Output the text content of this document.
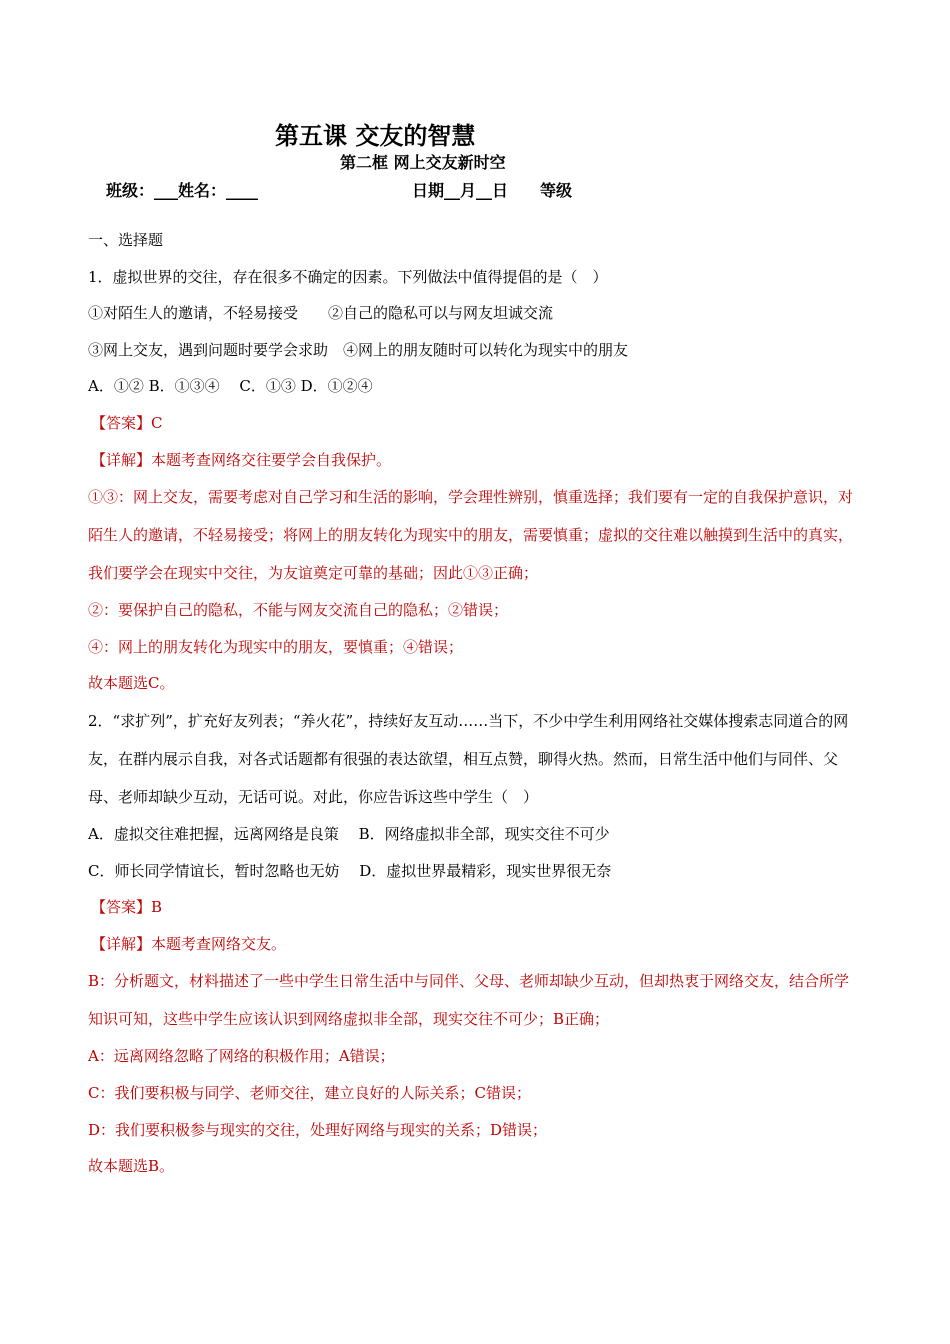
第五课 交友的智慧
第二框 网上交友新时空
班级：___姓名：____	日期__月__日 等级
一、选择题
1．虚拟世界的交往，存在很多不确定的因素。下列做法中值得提倡的是（　）
①对陌生人的邀请，不轻易接受　　②自己的隐私可以与网友坦诚交流
③网上交友，遇到问题时要学会求助　④网上的朋友随时可以转化为现实中的朋友
A．①② B．①③④　 C．①③ D．①②④
【答案】C
【详解】本题考查网络交往要学会自我保护。
①③：网上交友，需要考虑对自己学习和生活的影响，学会理性辨别，慎重选择；我们要有一定的自我保护意识，对陌生人的邀请，不轻易接受；将网上的朋友转化为现实中的朋友，需要慎重；虚拟的交往难以触摸到生活中的真实，我们要学会在现实中交往，为友谊奠定可靠的基础；因此①③正确；
②：要保护自己的隐私，不能与网友交流自己的隐私；②错误；
④：网上的朋友转化为现实中的朋友，要慎重；④错误；
故本题选C。
2．“求扩列”，扩充好友列表；“养火花”，持续好友互动……当下，不少中学生利用网络社交媒体搜索志同道合的网友，在群内展示自我，对各式话题都有很强的表达欲望，相互点赞，聊得火热。然而，日常生活中他们与同伴、父母、老师却缺少互动，无话可说。对此，你应告诉这些中学生（　）
A．虚拟交往难把握，远离网络是良策　 B．网络虚拟非全部，现实交往不可少
C．师长同学情谊长，暂时忽略也无妨　 D．虚拟世界最精彩，现实世界很无奈
【答案】B
【详解】本题考查网络交友。
B：分析题文，材料描述了一些中学生日常生活中与同伴、父母、老师却缺少互动，但却热衷于网络交友，结合所学知识可知，这些中学生应该认识到网络虚拟非全部，现实交往不可少；B正确；
A：远离网络忽略了网络的积极作用；A错误；
C：我们要积极与同学、老师交往，建立良好的人际关系；C错误；
D：我们要积极参与现实的交往，处理好网络与现实的关系；D错误；
故本题选B。
